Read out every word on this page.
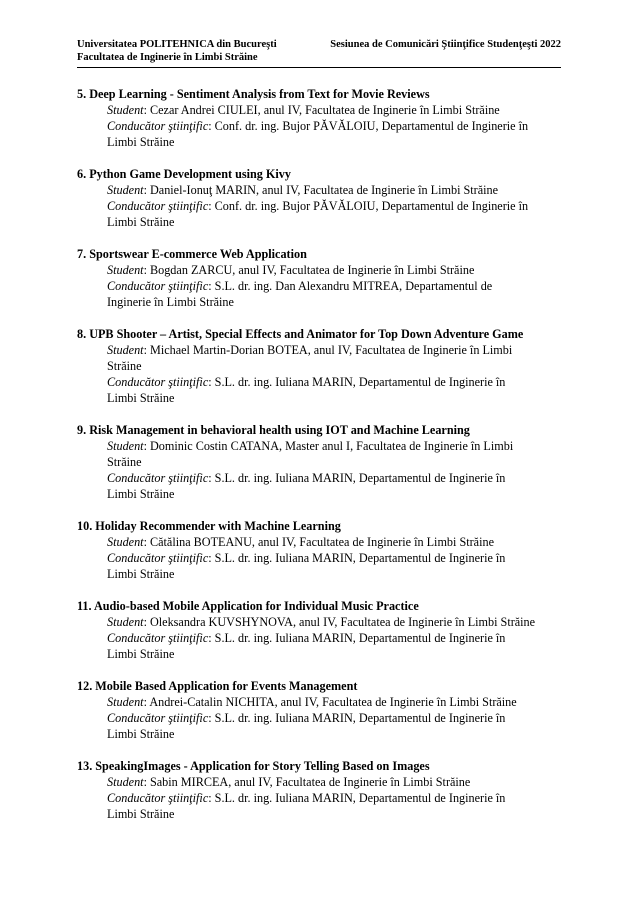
Universitatea POLITEHNICA din Bucureşti
Facultatea de Inginerie în Limbi Străine
Sesiunea de Comunicări Ştiinţifice Studenţeşti 2022
5. Deep Learning - Sentiment Analysis from Text for Movie Reviews
Student: Cezar Andrei CIULEI, anul IV, Facultatea de Inginerie în Limbi Străine
Conducător ştiinţific: Conf. dr. ing. Bujor PĂVĂLOIU, Departamentul de Inginerie în
Limbi Străine
6. Python Game Development using Kivy
Student: Daniel-Ionuţ MARIN, anul IV, Facultatea de Inginerie în Limbi Străine
Conducător ştiinţific: Conf. dr. ing. Bujor PĂVĂLOIU, Departamentul de Inginerie în
Limbi Străine
7. Sportswear E-commerce Web Application
Student: Bogdan ZARCU, anul IV, Facultatea de Inginerie în Limbi Străine
Conducător ştiinţific: S.L. dr. ing. Dan Alexandru MITREA, Departamentul de
Inginerie în Limbi Străine
8. UPB Shooter – Artist, Special Effects and Animator for Top Down Adventure Game
Student: Michael Martin-Dorian BOTEA, anul IV, Facultatea de Inginerie în Limbi
Străine
Conducător ştiinţific: S.L. dr. ing. Iuliana MARIN, Departamentul de Inginerie în
Limbi Străine
9. Risk Management in behavioral health using IOT and Machine Learning
Student: Dominic Costin CATANA, Master anul I, Facultatea de Inginerie în Limbi
Străine
Conducător ştiinţific: S.L. dr. ing. Iuliana MARIN, Departamentul de Inginerie în
Limbi Străine
10. Holiday Recommender with Machine Learning
Student: Cătălina BOTEANU, anul IV, Facultatea de Inginerie în Limbi Străine
Conducător ştiinţific: S.L. dr. ing. Iuliana MARIN, Departamentul de Inginerie în
Limbi Străine
11. Audio-based Mobile Application for Individual Music Practice
Student: Oleksandra KUVSHYNOVA, anul IV, Facultatea de Inginerie în Limbi Străine
Conducător ştiinţific: S.L. dr. ing. Iuliana MARIN, Departamentul de Inginerie în
Limbi Străine
12. Mobile Based Application for Events Management
Student: Andrei-Catalin NICHITA, anul IV, Facultatea de Inginerie în Limbi Străine
Conducător ştiinţific: S.L. dr. ing. Iuliana MARIN, Departamentul de Inginerie în
Limbi Străine
13. SpeakingImages - Application for Story Telling Based on Images
Student: Sabin MIRCEA, anul IV, Facultatea de Inginerie în Limbi Străine
Conducător ştiinţific: S.L. dr. ing. Iuliana MARIN, Departamentul de Inginerie în
Limbi Străine
